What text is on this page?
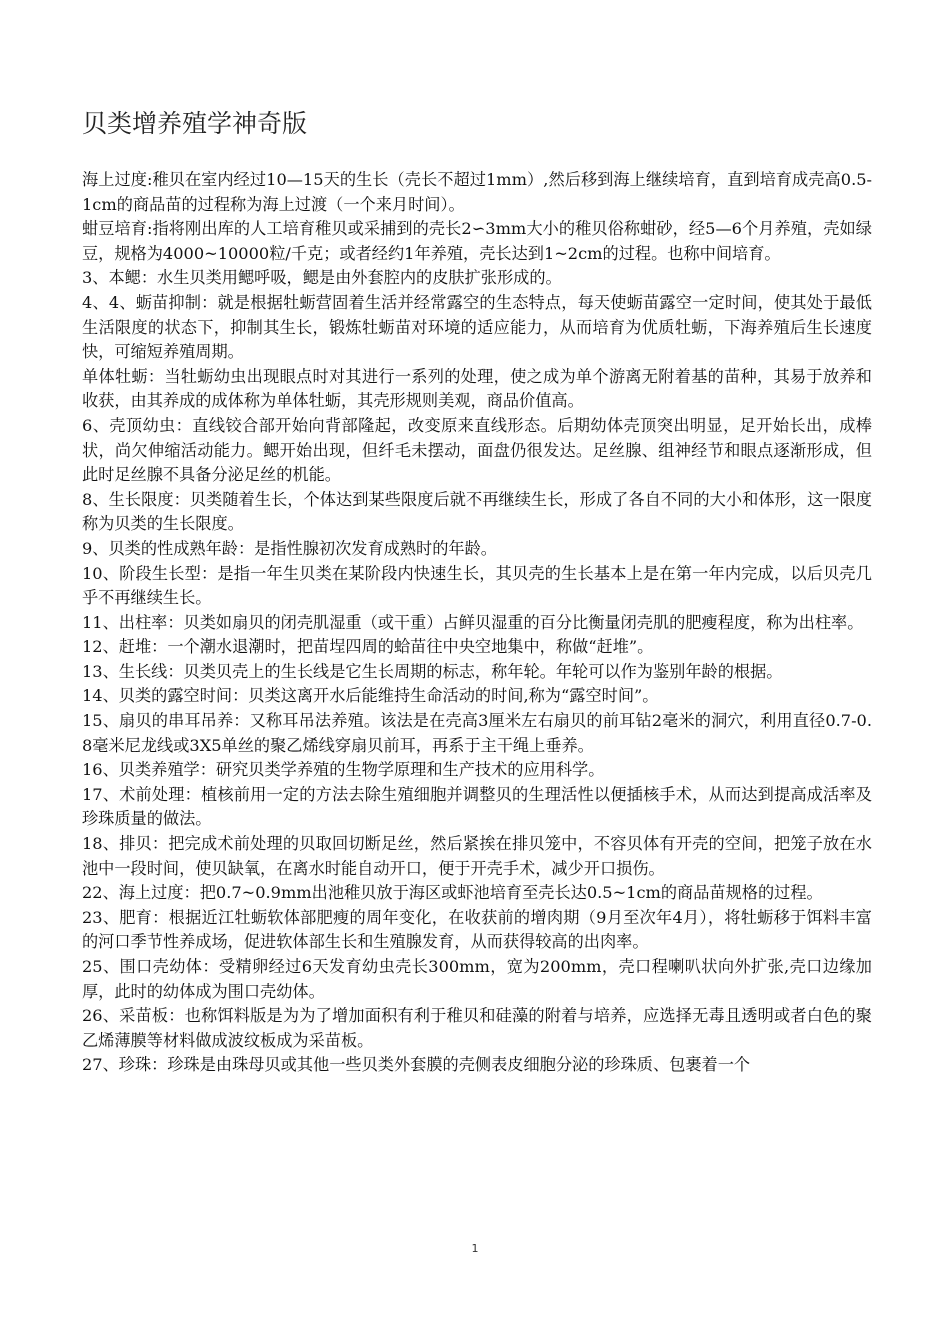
贝类增养殖学神奇版

海上过度:稚贝在室内经过10—15天的生长（壳长不超过1mm）,然后移到海上继续培育，直到培育成壳高0.5-1cm的商品苗的过程称为海上过渡（一个来月时间）。

蚶豆培育:指将刚出库的人工培育稚贝或采捕到的壳长2∽3mm大小的稚贝俗称蚶砂，经5—6个月养殖，壳如绿豆，规格为4000~10000粒/千克；或者经约1年养殖，壳长达到1~2cm的过程。也称中间培育。

3、本鳃：水生贝类用鳃呼吸，鳃是由外套腔内的皮肤扩张形成的。

4、4、蛎苗抑制：就是根据牡蛎营固着生活并经常露空的生态特点，每天使蛎苗露空一定时间，使其处于最低生活限度的状态下，抑制其生长，锻炼牡蛎苗对环境的适应能力，从而培育为优质牡蛎，下海养殖后生长速度快，可缩短养殖周期。

单体牡蛎：当牡蛎幼虫出现眼点时对其进行一系列的处理，使之成为单个游离无附着基的苗种，其易于放养和收获，由其养成的成体称为单体牡蛎，其壳形规则美观，商品价值高。

6、壳顶幼虫：直线铰合部开始向背部隆起，改变原来直线形态。后期幼体壳顶突出明显，足开始长出，成棒状，尚欠伸缩活动能力。鳃开始出现，但纤毛未摆动，面盘仍很发达。足丝腺、组神经节和眼点逐渐形成，但此时足丝腺不具备分泌足丝的机能。

8、生长限度：贝类随着生长，个体达到某些限度后就不再继续生长，形成了各自不同的大小和体形，这一限度称为贝类的生长限度。

9、贝类的性成熟年龄：是指性腺初次发育成熟时的年龄。

10、阶段生长型：是指一年生贝类在某阶段内快速生长，其贝壳的生长基本上是在第一年内完成，以后贝壳几乎不再继续生长。

11、出柱率：贝类如扇贝的闭壳肌湿重（或干重）占鲜贝湿重的百分比衡量闭壳肌的肥瘦程度，称为出柱率。

12、赶堆：一个潮水退潮时，把苗埕四周的蛤苗往中央空地集中，称做“赶堆”。

13、生长线：贝类贝壳上的生长线是它生长周期的标志，称年轮。年轮可以作为鉴别年龄的根据。

14、贝类的露空时间：贝类这离开水后能维持生命活动的时间,称为“露空时间”。

15、扇贝的串耳吊养：又称耳吊法养殖。该法是在壳高3厘米左右扇贝的前耳钻2毫米的洞穴，利用直径0.7-0.8毫米尼龙线或3X5单丝的聚乙烯线穿扇贝前耳，再系于主干绳上垂养。

16、贝类养殖学：研究贝类学养殖的生物学原理和生产技术的应用科学。

17、术前处理：植核前用一定的方法去除生殖细胞并调整贝的生理活性以便插核手术，从而达到提高成活率及珍珠质量的做法。

18、排贝：把完成术前处理的贝取回切断足丝，然后紧挨在排贝笼中，不容贝体有开壳的空间，把笼子放在水池中一段时间，使贝缺氧，在离水时能自动开口，便于开壳手术，减少开口损伤。

22、海上过度：把0.7~0.9mm出池稚贝放于海区或虾池培育至壳长达0.5~1cm的商品苗规格的过程。

23、肥育：根据近江牡蛎软体部肥瘦的周年变化，在收获前的增肉期（9月至次年4月），将牡蛎移于饵料丰富的河口季节性养成场，促进软体部生长和生殖腺发育，从而获得较高的出肉率。

25、围口壳幼体：受精卵经过6天发育幼虫壳长300mm，宽为200mm，壳口程喇叭状向外扩张,壳口边缘加厚，此时的幼体成为围口壳幼体。

26、采苗板：也称饵料版是为为了增加面积有利于稚贝和硅藻的附着与培养，应选择无毒且透明或者白色的聚乙烯薄膜等材料做成波纹板成为采苗板。

27、珍珠：珍珠是由珠母贝或其他一些贝类外套膜的壳侧表皮细胞分泌的珍珠质、包裹着一个

1
